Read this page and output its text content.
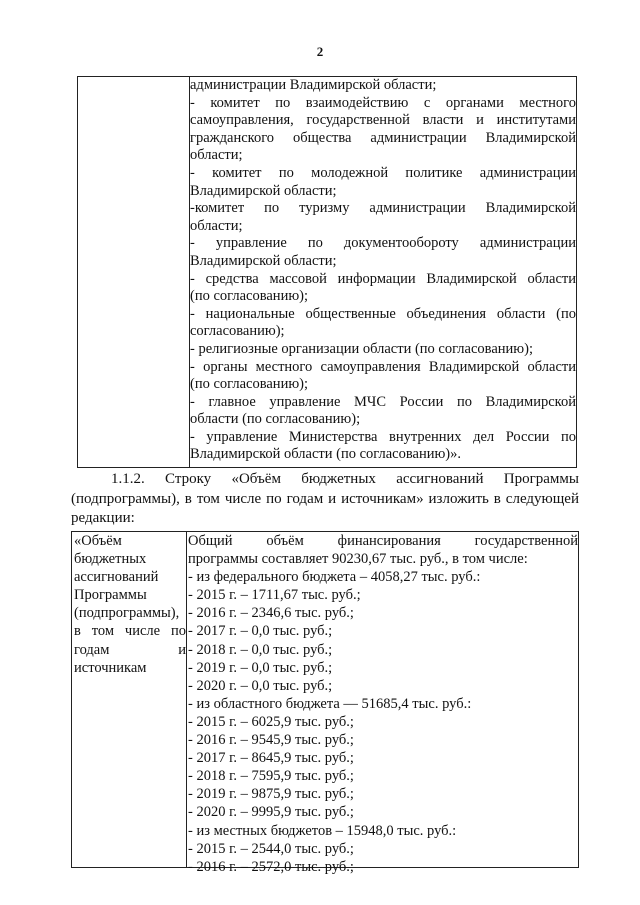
2
администрации Владимирской области;
- комитет по взаимодействию с органами местного
самоуправления, государственной власти и институтами
гражданского общества администрации Владимирской
области;
- комитет по молодежной политике администрации
Владимирской области;
-комитет по туризму администрации Владимирской
области;
- управление по документообороту администрации
Владимирской области;
- средства массовой информации Владимирской области
(по согласованию);
- национальные общественные объединения области (по
согласованию);
- религиозные организации области (по согласованию);
- органы местного самоуправления Владимирской области
(по согласованию);
- главное управление МЧС России по Владимирской
области (по согласованию);
- управление Министерства внутренних дел России по
Владимирской области (по согласованию)».
1.1.2. Строку «Объём бюджетных ассигнований Программы
(подпрограммы), в том числе по годам и источникам» изложить в следующей
редакции:
«Объём
бюджетных
ассигнований
Программы
(подпрограммы),
в том числе по
годам и
источникам
Общий объём финансирования государственной
программы составляет 90230,67 тыс. руб., в том числе:
- из федерального бюджета – 4058,27 тыс. руб.:
- 2015 г. – 1711,67 тыс. руб.;
- 2016 г. – 2346,6 тыс. руб.;
- 2017 г. – 0,0 тыс. руб.;
- 2018 г. – 0,0 тыс. руб.;
- 2019 г. – 0,0 тыс. руб.;
- 2020 г. – 0,0 тыс. руб.;
- из областного бюджета — 51685,4 тыс. руб.:
- 2015 г. – 6025,9 тыс. руб.;
- 2016 г. – 9545,9 тыс. руб.;
- 2017 г. – 8645,9 тыс. руб.;
- 2018 г. – 7595,9 тыс. руб.;
- 2019 г. – 9875,9 тыс. руб.;
- 2020 г. – 9995,9 тыс. руб.;
- из местных бюджетов – 15948,0 тыс. руб.:
- 2015 г. – 2544,0 тыс. руб.;
- 2016 г. – 2572,0 тыс. руб.;
